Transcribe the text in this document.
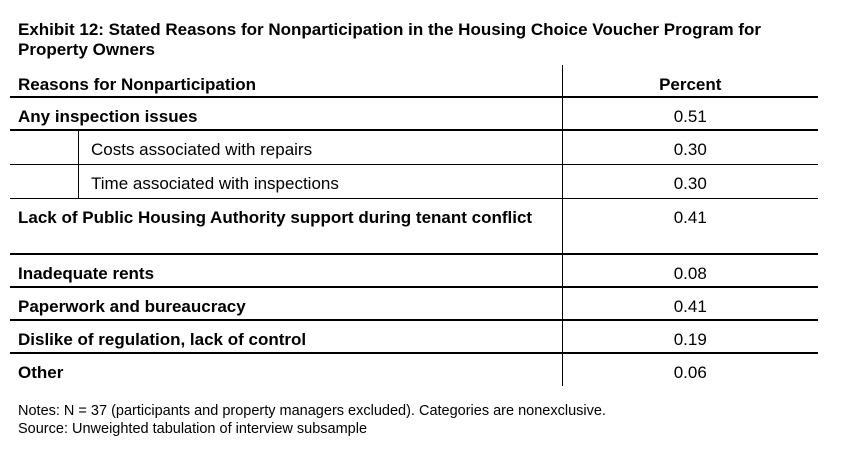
Exhibit 12: Stated Reasons for Nonparticipation in the Housing Choice Voucher Program for Property Owners
Reasons for Nonparticipation	Percent
Any inspection issues	0.51
Costs associated with repairs	0.30
Time associated with inspections	0.30
Lack of Public Housing Authority support during tenant conflict	0.41
Inadequate rents	0.08
Paperwork and bureaucracy	0.41
Dislike of regulation, lack of control	0.19
Other	0.06

Notes: N = 37 (participants and property managers excluded). Categories are nonexclusive.

Source: Unweighted tabulation of interview subsample
